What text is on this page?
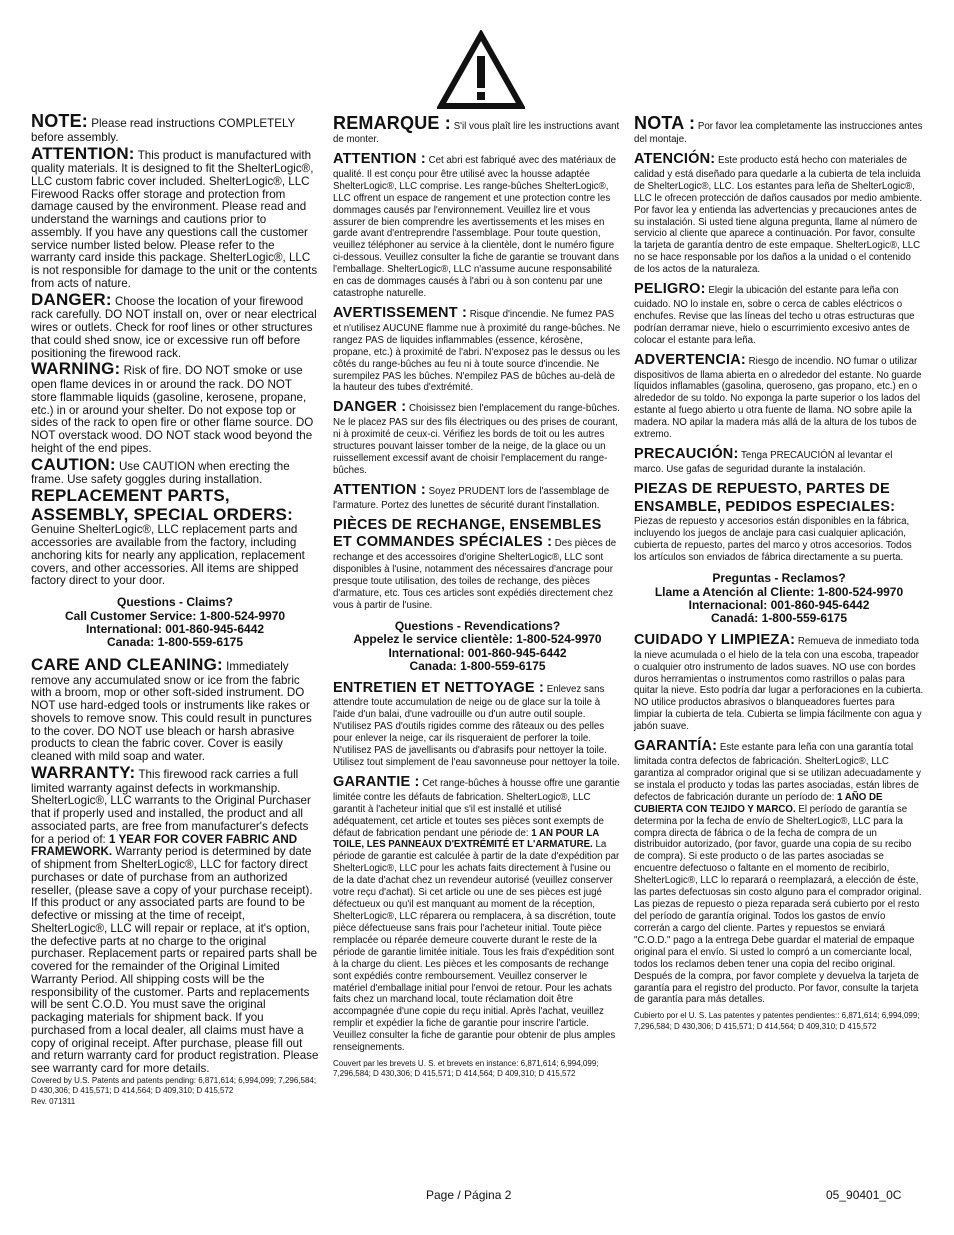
NOTE: Please read instructions COMPLETELY before assembly.

ATTENTION: This product is manufactured with quality materials. It is designed to fit the ShelterLogic®, LLC custom fabric cover included. ShelterLogic®, LLC Firewood Racks offer storage and protection from damage caused by the environment. Please read and understand the warnings and cautions prior to assembly. If you have any questions call the customer service number listed below. Please refer to the warranty card inside this package. ShelterLogic®, LLC is not responsible for damage to the unit or the contents from acts of nature.

DANGER: Choose the location of your firewood rack carefully. DO NOT install on, over or near electrical wires or outlets. Check for roof lines or other structures that could shed snow, ice or excessive run off before positioning the firewood rack.

WARNING: Risk of fire. DO NOT smoke or use open flame devices in or around the rack. DO NOT store flammable liquids (gasoline, kerosene, propane, etc.) in or around your shelter. Do not expose top or sides of the rack to open fire or other flame source. DO NOT overstack wood. DO NOT stack wood beyond the height of the end pipes.

CAUTION: Use CAUTION when erecting the frame. Use safety goggles during installation.

REPLACEMENT PARTS, ASSEMBLY, SPECIAL ORDERS:
Genuine ShelterLogic®, LLC replacement parts and accessories are available from the factory, including anchoring kits for nearly any application, replacement covers, and other accessories. All items are shipped factory direct to your door.

Questions - Claims?
Call Customer Service: 1-800-524-9970
International: 001-860-945-6442
Canada: 1-800-559-6175

CARE AND CLEANING: Immediately remove any accumulated snow or ice from the fabric with a broom, mop or other soft-sided instrument. DO NOT use hard-edged tools or instruments like rakes or shovels to remove snow. This could result in punctures to the cover. DO NOT use bleach or harsh abrasive products to clean the fabric cover. Cover is easily cleaned with mild soap and water.

WARRANTY: This firewood rack carries a full limited warranty against defects in workmanship. ShelterLogic®, LLC warrants to the Original Purchaser that if properly used and installed, the product and all associated parts, are free from manufacturer's defects for a period of: 1 YEAR FOR COVER FABRIC AND FRAMEWORK. Warranty period is determined by date of shipment from ShelterLogic®, LLC for factory direct purchases or date of purchase from an authorized reseller, (please save a copy of your purchase receipt). If this product or any associated parts are found to be defective or missing at the time of receipt, ShelterLogic®, LLC will repair or replace, at it's option, the defective parts at no charge to the original purchaser. Replacement parts or repaired parts shall be covered for the remainder of the Original Limited Warranty Period. All shipping costs will be the responsibility of the customer. Parts and replacements will be sent C.O.D. You must save the original packaging materials for shipment back. If you purchased from a local dealer, all claims must have a copy of original receipt. After purchase, please fill out and return warranty card for product registration. Please see warranty card for more details.

Covered by U.S. Patents and patents pending: 6,871,614; 6,994,099; 7,296,584; D 430,306; D 415,571; D 414,564; D 409,310; D 415,572
Rev. 071311

REMARQUE : S'il vous plaît lire les instructions avant de monter.

ATTENTION : Cet abri est fabriqué avec des matériaux de qualité. Il est conçu pour être utilisé avec la housse adaptée ShelterLogic®, LLC comprise. Les range-bûches ShelterLogic®, LLC offrent un espace de rangement et une protection contre les dommages causés par l'environnement. Veuillez lire et vous assurer de bien comprendre les avertissements et les mises en garde avant d'entreprendre l'assemblage. Pour toute question, veuillez téléphoner au service à la clientèle, dont le numéro figure ci-dessous. Veuillez consulter la fiche de garantie se trouvant dans l'emballage. ShelterLogic®, LLC n'assume aucune responsabilité en cas de dommages causés à l'abri ou à son contenu par une catastrophe naturelle.

AVERTISSEMENT : Risque d'incendie. Ne fumez PAS et n'utilisez AUCUNE flamme nue à proximité du range-bûches. Ne rangez PAS de liquides inflammables (essence, kérosène, propane, etc.) à proximité de l'abri. N'exposez pas le dessus ou les côtés du range-bûches au feu ni à toute source d'incendie. Ne surempilez PAS les bûches. N'empilez PAS de bûches au-delà de la hauteur des tubes d'extrémité.

DANGER : Choisissez bien l'emplacement du range-bûches. Ne le placez PAS sur des fils électriques ou des prises de courant, ni à proximité de ceux-ci. Vérifiez les bords de toit ou les autres structures pouvant laisser tomber de la neige, de la glace ou un ruissellement excessif avant de choisir l'emplacement du range-bûches.

ATTENTION : Soyez PRUDENT lors de l'assemblage de l'armature. Portez des lunettes de sécurité durant l'installation.

PIÈCES DE RECHANGE, ENSEMBLES ET COMMANDES SPÉCIALES : Des pièces de rechange et des accessoires d'origine ShelterLogic®, LLC sont disponibles à l'usine, notamment des nécessaires d'ancrage pour presque toute utilisation, des toiles de rechange, des pièces d'armature, etc. Tous ces articles sont expédiés directement chez vous à partir de l'usine.

Questions - Revendications?
Appelez le service clientèle: 1-800-524-9970
International: 001-860-945-6442
Canada: 1-800-559-6175

ENTRETIEN ET NETTOYAGE : Enlevez sans attendre toute accumulation de neige ou de glace sur la toile à l'aide d'un balai, d'une vadrouille ou d'un autre outil souple. N'utilisez PAS d'outils rigides comme des râteaux ou des pelles pour enlever la neige, car ils risqueraient de perforer la toile. N'utilisez PAS de javellisants ou d'abrasifs pour nettoyer la toile. Utilisez tout simplement de l'eau savonneuse pour nettoyer la toile.

GARANTIE : Cet range-bûches à housse offre une garantie limitée contre les défauts de fabrication. ShelterLogic®, LLC garantit à l'acheteur initial que s'il est installé et utilisé adéquatement, cet article et toutes ses pièces sont exempts de défaut de fabrication pendant une période de: 1 AN POUR LA TOILE, LES PANNEAUX D'EXTRÉMITÉ ET L'ARMATURE. La période de garantie est calculée à partir de la date d'expédition par ShelterLogic®, LLC pour les achats faits directement à l'usine ou de la date d'achat chez un revendeur autorisé (veuillez conserver votre reçu d'achat). Si cet article ou une de ses pièces est jugé défectueux ou qu'il est manquant au moment de la réception, ShelterLogic®, LLC réparera ou remplacera, à sa discrétion, toute pièce défectueuse sans frais pour l'acheteur initial. Toute pièce remplacée ou réparée demeure couverte durant le reste de la période de garantie limitée initiale. Tous les frais d'expédition sont à la charge du client. Les pièces et les composants de rechange sont expédiés contre remboursement. Veuillez conserver le matériel d'emballage initial pour l'envoi de retour. Pour les achats faits chez un marchand local, toute réclamation doit être accompagnée d'une copie du reçu initial. Après l'achat, veuillez remplir et expédier la fiche de garantie pour inscrire l'article. Veuillez consulter la fiche de garantie pour obtenir de plus amples renseignements.

Couvert par les brevets U. S. et brevets en instance: 6,871,614; 6,994,099; 7,296,584; D 430,306; D 415,571; D 414,564; D 409,310; D 415,572

NOTA : Por favor lea completamente las instrucciones antes del montaje.

ATENCIÓN: Este producto está hecho con materiales de calidad y está diseñado para quedarle a la cubierta de tela incluida de ShelterLogic®, LLC. Los estantes para leña de ShelterLogic®, LLC le ofrecen protección de daños causados por medio ambiente. Por favor lea y entienda las advertencias y precauciones antes de su instalación. Si usted tiene alguna pregunta, llame al número de servicio al cliente que aparece a continuación. Por favor, consulte la tarjeta de garantía dentro de este empaque. ShelterLogic®, LLC no se hace responsable por los daños a la unidad o el contenido de los actos de la naturaleza.

PELIGRO: Elegir la ubicación del estante para leña con cuidado. NO lo instale en, sobre o cerca de cables eléctricos o enchufes. Revise que las líneas del techo u otras estructuras que podrían derramar nieve, hielo o escurrimiento excesivo antes de colocar el estante para leña.

ADVERTENCIA: Riesgo de incendio. NO fumar o utilizar dispositivos de llama abierta en o alrededor del estante. No guarde líquidos inflamables (gasolina, queroseno, gas propano, etc.) en o alrededor de su toldo. No exponga la parte superior o los lados del estante al fuego abierto u otra fuente de llama. NO sobre apile la madera. NO apilar la madera más allá de la altura de los tubos de extremo.

PRECAUCIÓN: Tenga PRECAUCIÓN al levantar el marco. Use gafas de seguridad durante la instalación.

PIEZAS DE REPUESTO, PARTES DE ENSAMBLE, PEDIDOS ESPECIALES: Piezas de repuesto y accesorios están disponibles en la fábrica, incluyendo los juegos de anclaje para casi cualquier aplicación, cubierta de repuesto, partes del marco y otros accesorios. Todos los artículos son enviados de fábrica directamente a su puerta.

Preguntas - Reclamos?
Llame a Atención al Cliente: 1-800-524-9970
Internacional: 001-860-945-6442
Canadá: 1-800-559-6175

CUIDADO Y LIMPIEZA: Remueva de inmediato toda la nieve acumulada o el hielo de la tela con una escoba, trapeador o cualquier otro instrumento de lados suaves. NO use con bordes duros herramientas o instrumentos como rastrillos o palas para quitar la nieve. Esto podría dar lugar a perforaciones en la cubierta. NO utilice productos abrasivos o blanqueadores fuertes para limpiar la cubierta de tela. Cubierta se limpia fácilmente con agua y jabón suave.

GARANTÍA: Este estante para leña con una garantía total limitada contra defectos de fabricación. ShelterLogic®, LLC garantiza al comprador original que si se utilizan adecuadamente y se instala el producto y todas las partes asociadas, están libres de defectos de fabricación durante un período de: 1 AÑO DE CUBIERTA CON TEJIDO Y MARCO. El período de garantía se determina por la fecha de envío de ShelterLogic®, LLC para la compra directa de fábrica o de la fecha de compra de un distribuidor autorizado, (por favor, guarde una copia de su recibo de compra). Si este producto o de las partes asociadas se encuentre defectuoso o faltante en el momento de recibirlo, ShelterLogic®, LLC lo reparará o reemplazará, a elección de éste, las partes defectuosas sin costo alguno para el comprador original. Las piezas de repuesto o pieza reparada será cubierto por el resto del período de garantía original. Todos los gastos de envío correrán a cargo del cliente. Partes y repuestos se enviará "C.O.D." pago a la entrega Debe guardar el material de empaque original para el envío. Si usted lo compró a un comerciante local, todos los reclamos deben tener una copia del recibo original. Después de la compra, por favor complete y devuelva la tarjeta de garantía para el registro del producto. Por favor, consulte la tarjeta de garantía para más detalles.

Cubierto por el U. S. Las patentes y patentes pendientes:: 6,871,614; 6,994,099; 7,296,584; D 430,306; D 415,571; D 414,564; D 409,310; D 415,572

Page / Página 2	05_90401_0C
